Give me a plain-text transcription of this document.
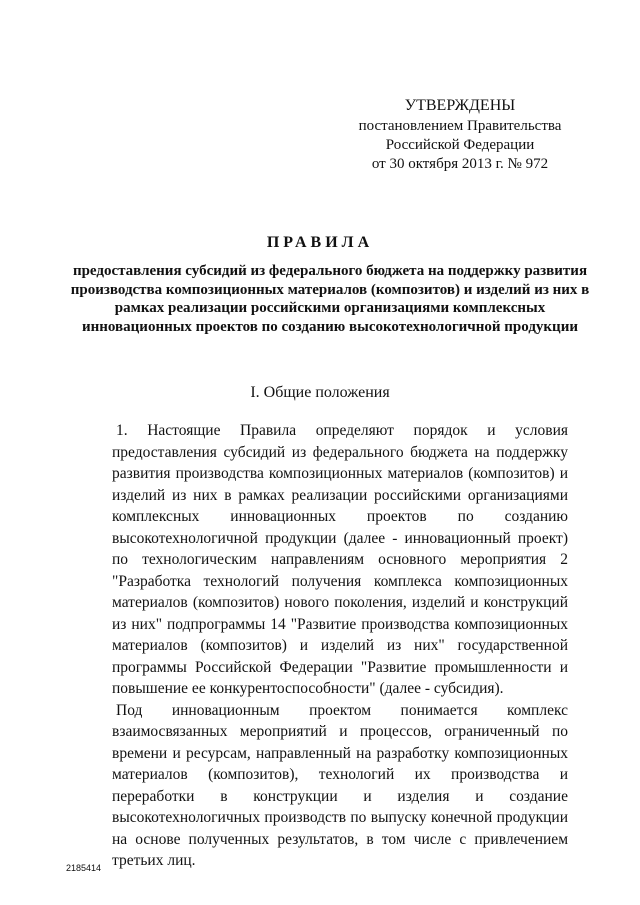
УТВЕРЖДЕНЫ
постановлением Правительства
Российской Федерации
от 30 октября 2013 г. № 972
ПРАВИЛА
предоставления субсидий из федерального бюджета на поддержку развития производства композиционных материалов (композитов) и изделий из них в рамках реализации российскими организациями комплексных инновационных проектов по созданию высокотехнологичной продукции
I. Общие положения

1. Настоящие Правила определяют порядок и условия предоставления субсидий из федерального бюджета на поддержку развития производства композиционных материалов (композитов) и изделий из них в рамках реализации российскими организациями комплексных инновационных проектов по созданию высокотехнологичной продукции (далее - инновационный проект) по технологическим направлениям основного мероприятия 2 "Разработка технологий получения комплекса композиционных материалов (композитов) нового поколения, изделий и конструкций из них" подпрограммы 14 "Развитие производства композиционных материалов (композитов) и изделий из них" государственной программы Российской Федерации "Развитие промышленности и повышение ее конкурентоспособности" (далее - субсидия).

Под инновационным проектом понимается комплекс взаимосвязанных мероприятий и процессов, ограниченный по времени и ресурсам, направленный на разработку композиционных материалов (композитов), технологий их производства и переработки в конструкции и изделия и создание высокотехнологичных производств по выпуску конечной продукции на основе полученных результатов, в том числе с привлечением третьих лиц.

2185414
